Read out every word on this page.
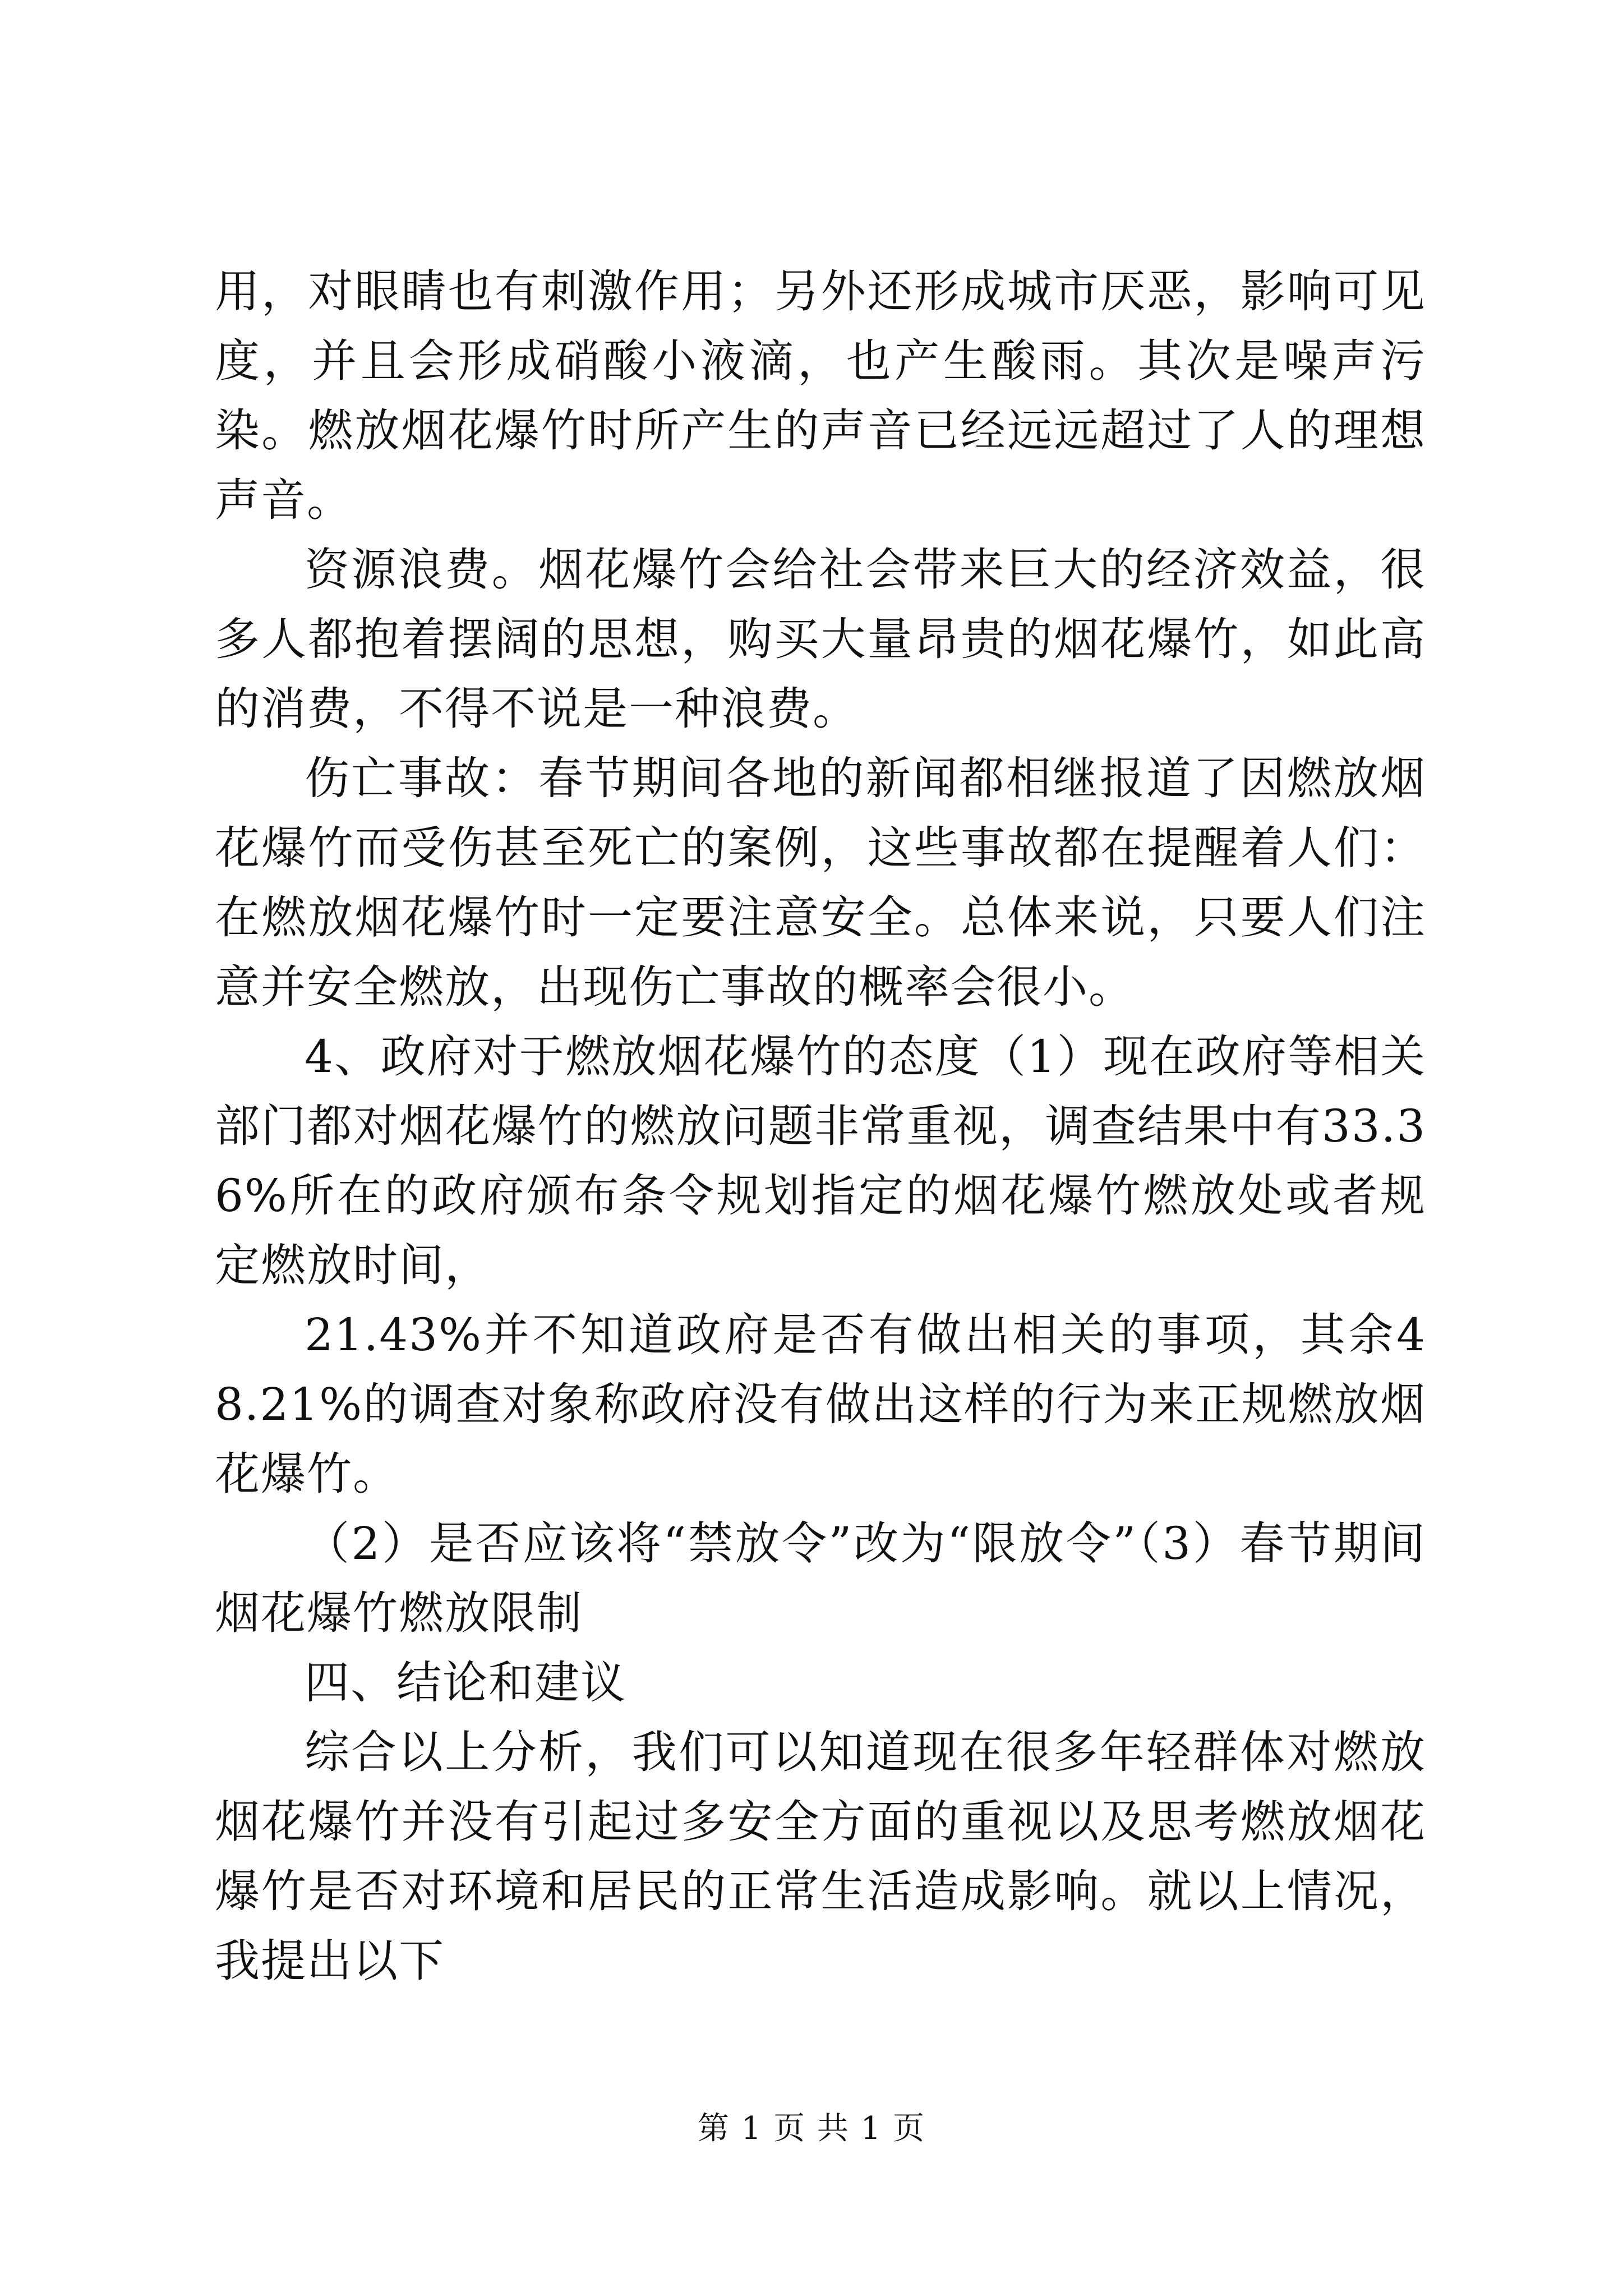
用，对眼睛也有刺激作用；另外还形成城市厌恶，影响可见度，并且会形成硝酸小液滴，也产生酸雨。其次是噪声污染。燃放烟花爆竹时所产生的声音已经远远超过了人的理想声音。

资源浪费。烟花爆竹会给社会带来巨大的经济效益，很多人都抱着摆阔的思想，购买大量昂贵的烟花爆竹，如此高的消费，不得不说是一种浪费。

伤亡事故：春节期间各地的新闻都相继报道了因燃放烟花爆竹而受伤甚至死亡的案例，这些事故都在提醒着人们：在燃放烟花爆竹时一定要注意安全。总体来说，只要人们注意并安全燃放，出现伤亡事故的概率会很小。

4、政府对于燃放烟花爆竹的态度（1）现在政府等相关部门都对烟花爆竹的燃放问题非常重视，调查结果中有33.36%所在的政府颁布条令规划指定的烟花爆竹燃放处或者规定燃放时间，

21.43%并不知道政府是否有做出相关的事项，其余48.21%的调查对象称政府没有做出这样的行为来正规燃放烟花爆竹。

（2）是否应该将“禁放令”改为“限放令”（3）春节期间烟花爆竹燃放限制

四、结论和建议

综合以上分析，我们可以知道现在很多年轻群体对燃放烟花爆竹并没有引起过多安全方面的重视以及思考燃放烟花爆竹是否对环境和居民的正常生活造成影响。就以上情况，我提出以下

第 1 页 共 1 页
